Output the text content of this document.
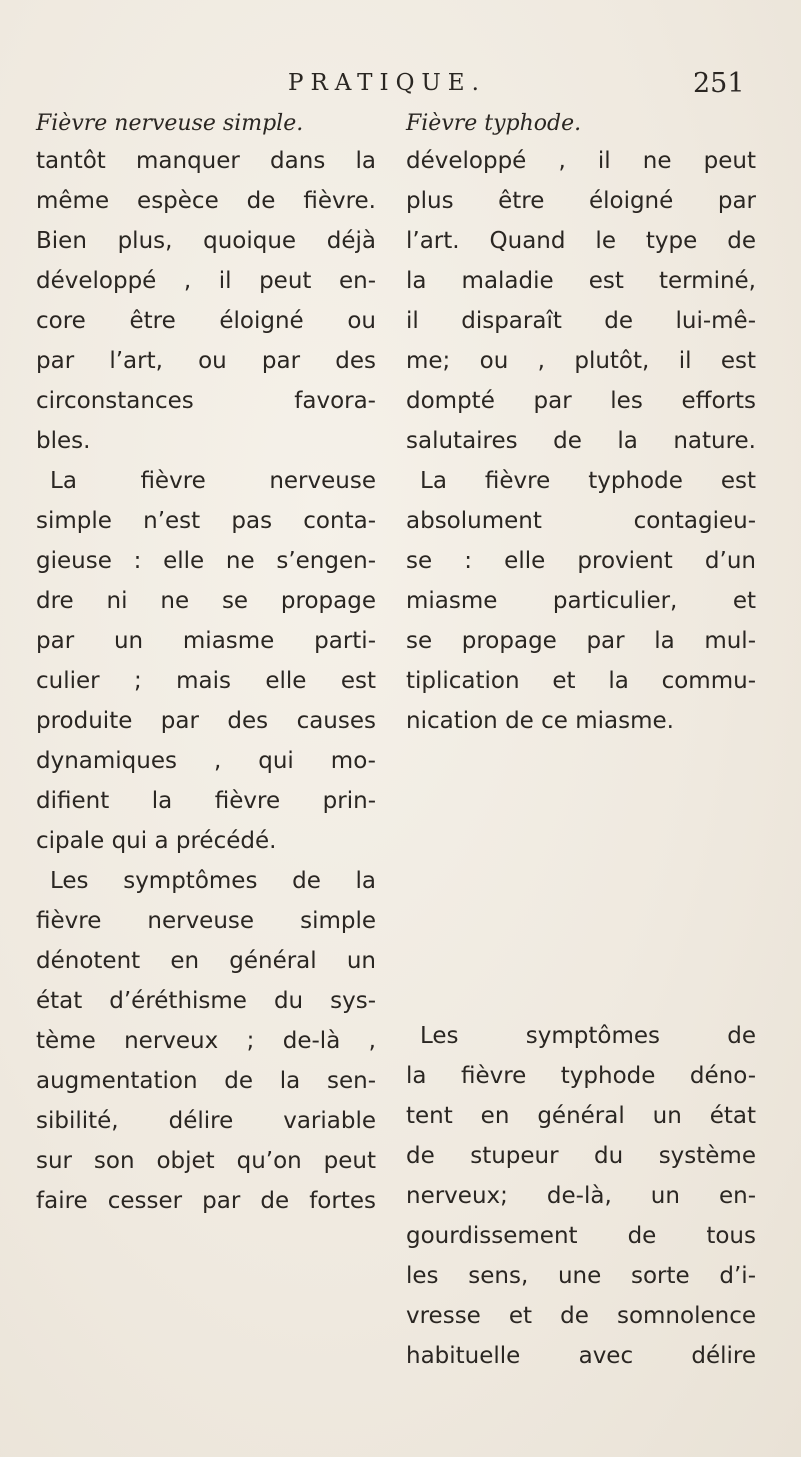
PRATIQUE.	251
Fièvre nerveuse simple.	Fièvre typhode.
tantôt manquer dans la
même espèce de fièvre.
Bien plus, quoique déjà
développé , il peut en-
core être éloigné ou
par l’art, ou par des
circonstances favora-
bles.
La fièvre nerveuse
simple n’est pas conta-
gieuse : elle ne s’engen-
dre ni ne se propage
par un miasme parti-
culier ; mais elle est
produite par des causes
dynamiques , qui mo-
difient la fièvre prin-
cipale qui a précédé.
Les symptômes de la
fièvre nerveuse simple
dénotent en général un
état d’éréthisme du sys-
tème nerveux ; de-là ,
augmentation de la sen-
sibilité, délire variable
sur son objet qu’on peut
faire cesser par de fortes
développé , il ne peut
plus être éloigné par
l’art. Quand le type de
la maladie est terminé,
il disparaît de lui-mê-
me; ou , plutôt, il est
dompté par les efforts
salutaires de la nature.
La fièvre typhode est
absolument contagieu-
se : elle provient d’un
miasme particulier, et
se propage par la mul-
tiplication et la commu-
nication de ce miasme.
Les symptômes de
la fièvre typhode déno-
tent en général un état
de stupeur du système
nerveux; de-là, un en-
gourdissement de tous
les sens, une sorte d’i-
vresse et de somnolence
habituelle avec délire
